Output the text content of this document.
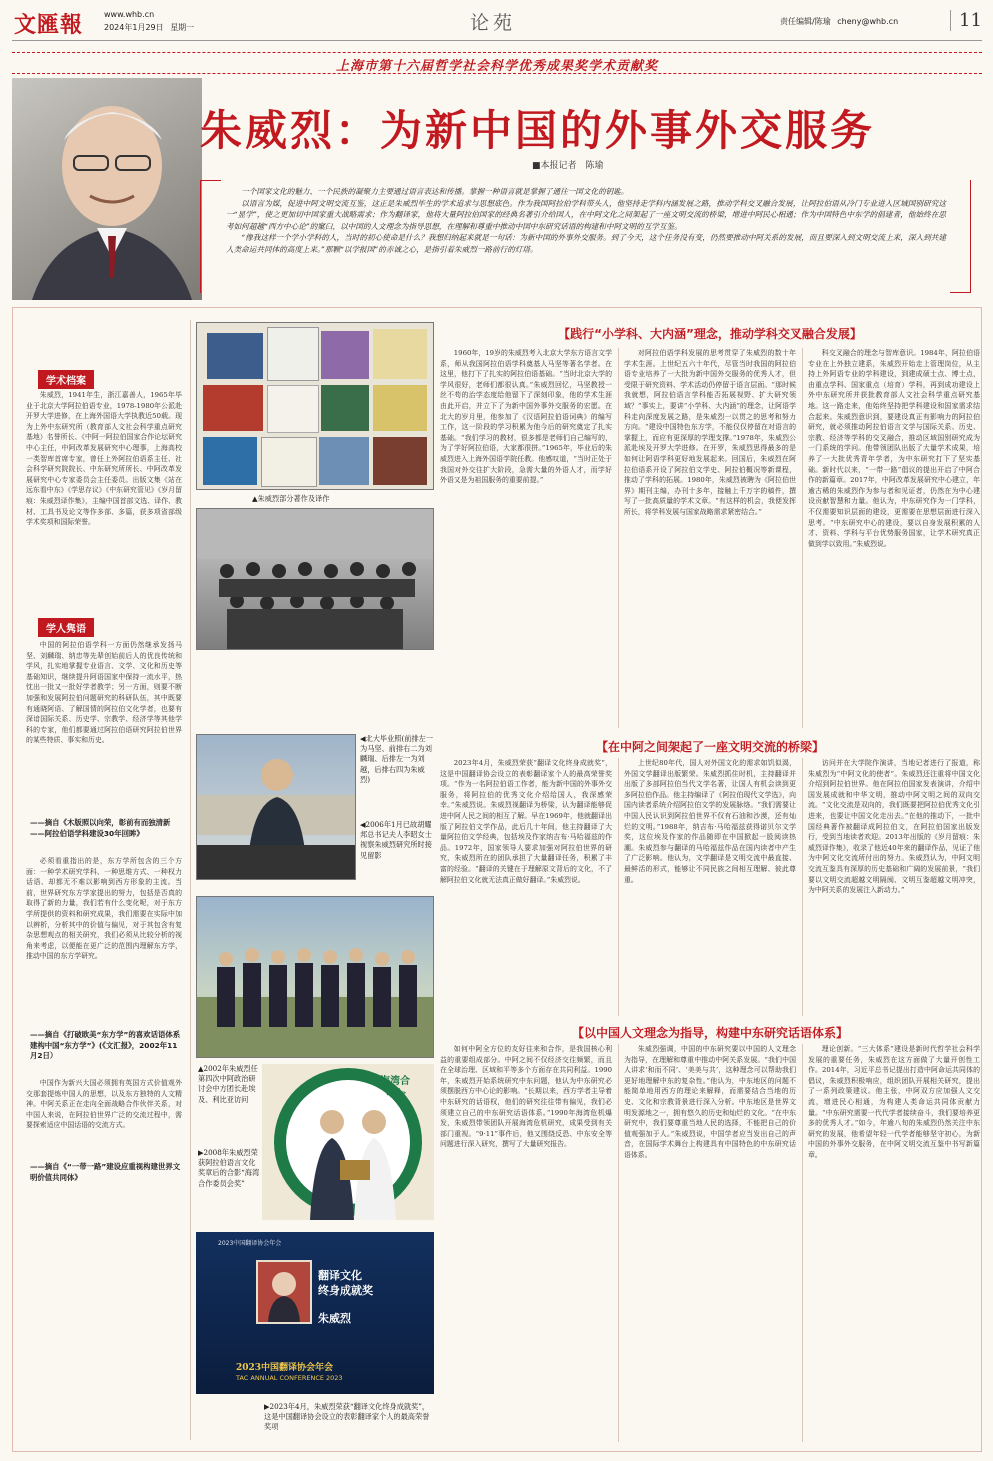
文匯報	www.whb.cn
2024年1月29日 星期一	论苑	责任编辑/陈瑜 cheny@whb.cn	11
上海市第十六届哲学社会科学优秀成果奖学术贡献奖
朱威烈：为新中国的外事外交服务
■本报记者 陈瑜

一个国家文化的魅力、一个民族的凝聚力主要通过语言表达和传播。掌握一种语言就是掌握了通往一国文化的钥匙。

以语言为媒，促进中阿文明交流互鉴，这正是朱威烈毕生的学术追求与思想底色。作为我国阿拉伯学科带头人，他坚持走学科内涵发展之路，推动学科交叉融合发展，让阿拉伯语从冷门专业进入区域国别研究这一“显学”，使之更加切中国家重大战略需求；作为翻译家，他将大量阿拉伯国家的经典名著引介给国人，在中阿文化之间架起了一座文明交流的桥梁，增进中阿民心相通；作为中国特色中东学的倡建者，他始终在思考如何超越“西方中心论”的窠臼，以中国的人文理念为指导思想，在理解和尊重中推动中国中东研究话语的构建和中阿文明的互学互鉴。

“像我这样一个学小学科的人，当时的初心使命是什么？我想归纳起来就是一句话：为新中国的外事外交服务。到了今天，这个任务没有变，仍然要推动中阿关系的发展，而且要深入到文明交流上来，深入到共建人类命运共同体的高度上来。”那颗“以学报国”的赤诚之心，是指引着朱威烈一路前行的灯塔。

学术档案

朱威烈，1941年生，浙江嘉善人，1965年毕业于北京大学阿拉伯语专业，1978-1980年公派赴开罗大学进修，在上海外国语大学执教近50载。现为上外中东研究所（教育部人文社会科学重点研究基地）名誉所长、《中阿一阿拉伯国家合作论坛研究中心主任，中阿改革发展研究中心理事，上海高校一类智库首席专家，曾任上外阿拉伯语系主任、社会科学研究院院长、中东研究所所长、中阿改革发展研究中心专家委员会主任委员。出版文集《站在远东看中东》《学思存议》《中东研究管见》《岁月留痕：朱威烈译作集》，主编中国首部文选、译作、教材、工具书及论文等作多部、多篇，获多项省部级学术奖项和国际荣誉。

学人隽语

中国的阿拉伯语学科一方面仍然继承发扬马坚、刘麟瑞、纳忠等先辈创始前后人的优良传统和学风，扎实地掌握专业语言、文学、文化和历史等基础知识，继续提升阿语国家中保持一流水平，热忱出一批又一批好学者教学；另一方面，则要不断加强和发展阿拉伯问题研究的科研队伍，其中既要有通晓阿语、了解国情的阿拉伯文化学者，也要有深谙国际关系、历史学、宗教学、经济学等其他学科的专家，他们都要通过阿拉伯语研究阿拉伯世界的某些特质、事实和历史。

——摘自《木版照以向荣，彰前有而独清新——阿拉伯语学科建设30年回眸》

必须看重指出的是，东方学所包含的三个方面：一种学术研究学科、一种思维方式、一种权力话语、却都无不难以影响到西方形象的主流。当前，世界研究东方学家提出的努力，包括是否真的取得了新的力量，我们若有什么变化呢，对于东方学所提供的资料和研究成果，我们需要在实际中加以辨析，分析其中的价值与偏见，对于其包含有复杂思想观点的相关研究，我们必须从比较分析的视角来考虑，以便能在更广泛的范围内理解东方学，推动中国的东方学研究。

——摘自《打破欧美“东方学”的喜欢话语体系 建构中国“东方学”》(《文汇报》，2002年11月2日）

中国作为新兴大国必须拥有英国方式价值观外交那套提炼中国人的思想，以及东方独特的人文精神。中阿关系正在走向全面战略合作伙伴关系，对中国人来说，在阿拉伯世界广泛的交流过程中，需要探索适应中国话语的交流方式。

——摘自《“一带一路”建设应重视构建世界文明价值共同体》
▲朱威烈部分著作及译作
◀北大毕业照(前排左一为马坚、前排右二为刘麟瑞、后排左一为刘越，后排右四为朱威烈)
◀2006年1月已故胡耀邦总书记夫人李昭女士视察朱威烈研究所时接见留影
▲2002年朱威烈任第四次中阿政治研讨会中方团长赴埃及、利比亚访问
▶2008年朱威烈荣获阿拉伯语言文化奖章后的合影“海湾合作委员会奖”
海湾合
جائزة
2023中国翻译协会年会
翻译文化
终身成就奖
朱威烈
2023中国翻译协会年会
TAC ANNUAL CONFERENCE 2023
▶2023年4月，朱威烈荣获“翻译文化终身成就奖”，这是中国翻译协会设立的表彰翻译家个人的最高荣誉奖项
【践行“小学科、大内涵”理念，推动学科交叉融合发展】

1960年，19岁的朱威烈考入北京大学东方语言文学系，师从我国阿拉伯语学科奠基人马坚等著名学者。在这里，他打下了扎实的阿拉伯语基础。“当时北京大学的学风很好，老师们都很认真。”朱威烈回忆，马坚教授一丝不苟的治学态度给他留下了深刻印象，他的学术生涯由此开启，并立下了为新中国外事外交服务的宏愿。在北大的岁月里，他参加了《汉语阿拉伯语词典》的编写工作，这一阶段的学习积累为他今后的研究奠定了扎实基础。“我们学习的教材，很多都是老师们自己编写的，为了学好阿拉伯语，大家都很拼。”1965年，毕业后的朱威烈进入上海外国语学院任教。他感叹道，“当时正处于我国对外交往扩大阶段，急需大量的外语人才，而学好外语又是为祖国服务的重要前提。”

对阿拉伯语学科发展的思考贯穿了朱威烈的数十年学术生涯。上世纪五六十年代，尽管当时我国的阿拉伯语专业培养了一大批为新中国外交服务的优秀人才，但受限于研究资料、学术活动仍停留于语言层面。“那时候我就想，阿拉伯语言学科能否拓展视野、扩大研究领域？”事实上，要讲“小学科、大内涵”的理念，让阿语学科走向深度发展之路，是朱威烈一以贯之的思考和努力方向。“建设中国特色东方学，不能仅仅停留在对语言的掌握上，而应有更深厚的学理支撑。”1978年，朱威烈公派赴埃及开罗大学进修。在开罗，朱威烈思得最多的是如何让阿语学科更好地发展起来。回国后，朱威烈在阿拉伯语系开设了阿拉伯文学史、阿拉伯概况等新课程，推动了学科的拓展。1980年，朱威烈被聘为《阿拉伯世界》期刊主编，办刊十多年，接触上千万字的稿件，撰写了一批高质量的学术文章。“有这样的机会，我便发挥所长，将学科发展与国家战略需求紧密结合。”

科交叉融合的理念与智库意识。1984年，阿拉伯语专业在上外独立建系，朱威烈开始走上管理岗位，从主持上外阿语专业的学科建设，到建成硕士点、博士点，由重点学科、国家重点（培育）学科，再到成功建设上外中东研究所并获批教育部人文社会科学重点研究基地。这一路走来，他始终坚持把学科建设和国家需求结合起来。朱威烈意识到，要建设真正有影响力的阿拉伯研究，就必须推动阿拉伯语言文学与国际关系、历史、宗教、经济等学科的交叉融合，推动区域国别研究成为一门系统的学问。他带领团队出版了大量学术成果，培养了一大批优秀青年学者，为中东研究打下了坚实基础。新时代以来，“一带一路”倡议的提出开启了中阿合作的新篇章。2017年，中阿改革发展研究中心建立，年逾古稀的朱威烈作为参与者和见证者，仍然在为中心建设贡献智慧和力量。他认为，中东研究作为一门学科，不仅需要知识层面的建设，更需要在思想层面进行深入思考。“中东研究中心的建设，要以自身发展积累的人才、资料、学科与平台优势服务国家，让学术研究真正做到学以致用。”朱威烈说。

【在中阿之间架起了一座文明交流的桥梁】

2023年4月，朱威烈荣获“翻译文化终身成就奖”，这是中国翻译协会设立的表彰翻译家个人的最高荣誉奖项。“作为一名阿拉伯语工作者，能为新中国的外事外交服务，将阿拉伯的优秀文化介绍给国人，我深感荣幸。”朱威烈说。朱威烈视翻译为桥梁，认为翻译能够促进中阿人民之间的相互了解。早在1969年，他就翻译出版了阿拉伯文学作品，此后几十年间，他主持翻译了大量阿拉伯文学经典，包括埃及作家纳吉布·马哈福兹的作品。1972年，国家领导人要求加强对阿拉伯世界的研究，朱威烈所在的团队承担了大量翻译任务，积累了丰富的经验。“翻译的关键在于理解原文背后的文化，不了解阿拉伯文化就无法真正做好翻译。”朱威烈说。

上世纪80年代，国人对外国文化的需求如饥似渴，外国文学翻译出版繁荣。朱威烈抓住时机，主持翻译并出版了多部阿拉伯当代文学名著，让国人有机会读到更多阿拉伯作品。他主持编译了《阿拉伯现代文学选》，向国内读者系统介绍阿拉伯文学的发展脉络。“我们需要让中国人民认识到阿拉伯世界不仅有石油和沙漠，还有灿烂的文明。”1988年，纳吉布·马哈福兹获得诺贝尔文学奖，这位埃及作家的作品随即在中国掀起一股阅读热潮。朱威烈参与翻译的马哈福兹作品在国内读者中产生了广泛影响。他认为，文学翻译是文明交流中最直接、最鲜活的形式，能够让不同民族之间相互理解、彼此尊重。

访问并在大学院作演讲，当地记者进行了报道，称朱威烈为“中阿文化的使者”。朱威烈还注重将中国文化介绍到阿拉伯世界。他在阿拉伯国家发表演讲，介绍中国发展成就和中华文明，推动中阿文明之间的双向交流。“文化交流是双向的，我们既要把阿拉伯优秀文化引进来，也要让中国文化走出去。”在他的推动下，一批中国经典著作被翻译成阿拉伯文，在阿拉伯国家出版发行，受到当地读者欢迎。2013年出版的《岁月留痕：朱威烈译作集》，收录了他近40年来的翻译作品，见证了他为中阿文化交流所付出的努力。朱威烈认为，中阿文明交流互鉴具有深厚的历史基础和广阔的发展前景，“我们要以文明交流超越文明隔阂、文明互鉴超越文明冲突，为中阿关系的发展注入新动力。”

【以中国人文理念为指导，构建中东研究话语体系】

如何中阿全方位的友好往来和合作，是我国核心利益的重要组成部分。中阿之间不仅经济交往频繁，而且在全球治理、区域和平等多个方面存在共同利益。1990年，朱威烈开始系统研究中东问题，他认为中东研究必须摆脱西方中心论的影响。“长期以来，西方学者主导着中东研究的话语权，他们的研究往往带有偏见，我们必须建立自己的中东研究话语体系。”1990年海湾危机爆发，朱威烈带领团队开展海湾危机研究，成果受到有关部门重视。“9·11”事件后，他又围绕反恐、中东安全等问题进行深入研究，撰写了大量研究报告。

朱威烈强调，中国的中东研究要以中国的人文理念为指导，在理解和尊重中推动中阿关系发展。“我们中国人讲求‘和而不同’、‘美美与共’，这种理念可以帮助我们更好地理解中东的复杂性。”他认为，中东地区的问题不能简单地用西方的理论来解释，而需要结合当地的历史、文化和宗教背景进行深入分析。中东地区是世界文明发源地之一，拥有悠久的历史和灿烂的文化。“在中东研究中，我们要尊重当地人民的选择，不能把自己的价值观强加于人。”朱威烈说，中国学者应当发出自己的声音，在国际学术舞台上构建具有中国特色的中东研究话语体系。

理论创新。“三大体系”建设是新时代哲学社会科学发展的重要任务，朱威烈在这方面做了大量开创性工作。2014年，习近平总书记提出打造中阿命运共同体的倡议，朱威烈积极响应，组织团队开展相关研究，提出了一系列政策建议。他主张，中阿双方应加强人文交流，增进民心相通，为构建人类命运共同体贡献力量。“中东研究需要一代代学者接续奋斗，我们要培养更多的优秀人才。”如今，年逾八旬的朱威烈仍然关注中东研究的发展，他希望年轻一代学者能够坚守初心，为新中国的外事外交服务，在中阿文明交流互鉴中书写新篇章。
